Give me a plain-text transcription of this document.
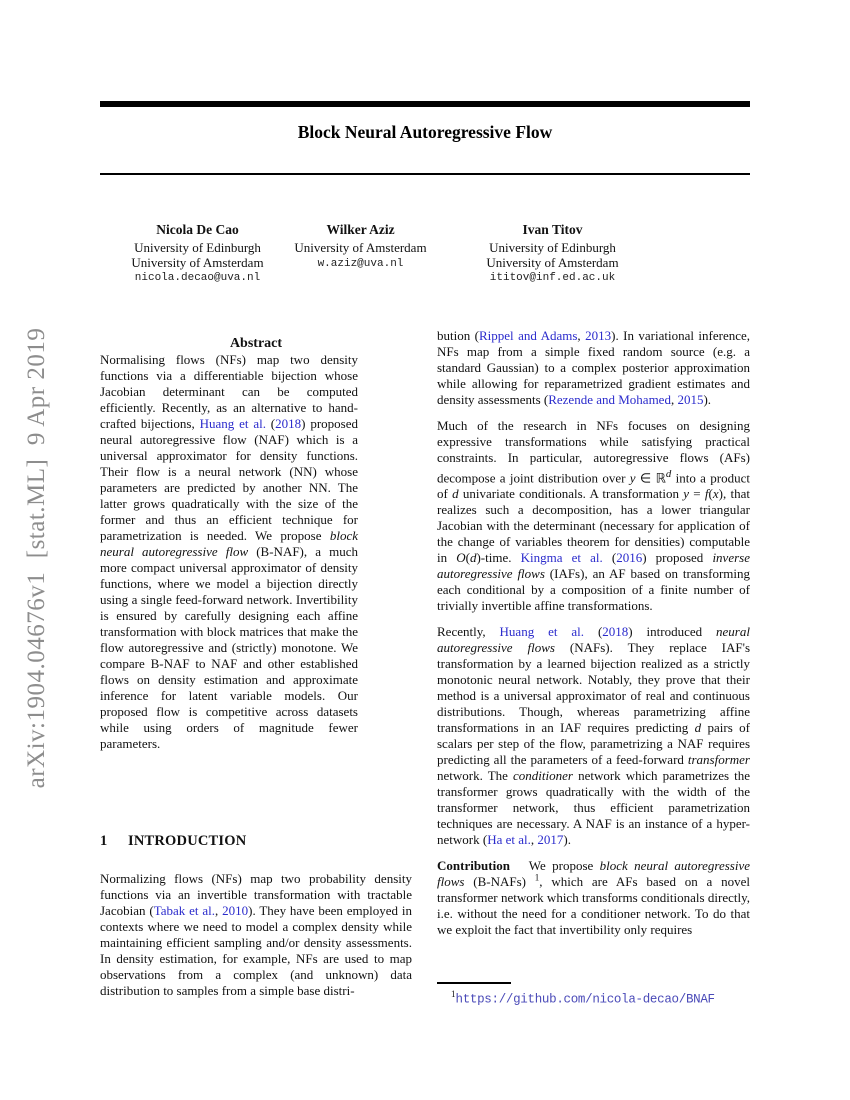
arXiv:1904.04676v1  [stat.ML]  9 Apr 2019
Block Neural Autoregressive Flow
Nicola De Cao
University of Edinburgh
University of Amsterdam
nicola.decao@uva.nl
Wilker Aziz
University of Amsterdam
w.aziz@uva.nl
Ivan Titov
University of Edinburgh
University of Amsterdam
ititov@inf.ed.ac.uk
Abstract

Normalising flows (NFs) map two density functions via a differentiable bijection whose Jacobian determinant can be computed efficiently. Recently, as an alternative to hand-crafted bijections, Huang et al. (2018) proposed neural autoregressive flow (NAF) which is a universal approximator for density functions. Their flow is a neural network (NN) whose parameters are predicted by another NN. The latter grows quadratically with the size of the former and thus an efficient technique for parametrization is needed. We propose block neural autoregressive flow (B-NAF), a much more compact universal approximator of density functions, where we model a bijection directly using a single feed-forward network. Invertibility is ensured by carefully designing each affine transformation with block matrices that make the flow autoregressive and (strictly) monotone. We compare B-NAF to NAF and other established flows on density estimation and approximate inference for latent variable models. Our proposed flow is competitive across datasets while using orders of magnitude fewer parameters.

1 INTRODUCTION

Normalizing flows (NFs) map two probability density functions via an invertible transformation with tractable Jacobian (Tabak et al., 2010). They have been employed in contexts where we need to model a complex density while maintaining efficient sampling and/or density assessments. In density estimation, for example, NFs are used to map observations from a complex (and unknown) data distribution to samples from a simple base distri-

bution (Rippel and Adams, 2013). In variational inference, NFs map from a simple fixed random source (e.g. a standard Gaussian) to a complex posterior approximation while allowing for reparametrized gradient estimates and density assessments (Rezende and Mohamed, 2015).

Much of the research in NFs focuses on designing expressive transformations while satisfying practical constraints. In particular, autoregressive flows (AFs) decompose a joint distribution over y ∈ ℝ$^d$ into a product of d univariate conditionals. A transformation y = f(x), that realizes such a decomposition, has a lower triangular Jacobian with the determinant (necessary for application of the change of variables theorem for densities) computable in O(d)-time. Kingma et al. (2016) proposed inverse autoregressive flows (IAFs), an AF based on transforming each conditional by a composition of a finite number of trivially invertible affine transformations.

Recently, Huang et al. (2018) introduced neural autoregressive flows (NAFs). They replace IAF's transformation by a learned bijection realized as a strictly monotonic neural network. Notably, they prove that their method is a universal approximator of real and continuous distributions. Though, whereas parametrizing affine transformations in an IAF requires predicting d pairs of scalars per step of the flow, parametrizing a NAF requires predicting all the parameters of a feed-forward transformer network. The conditioner network which parametrizes the transformer grows quadratically with the width of the transformer network, thus efficient parametrization techniques are necessary. A NAF is an instance of a hyper-network (Ha et al., 2017).

Contribution   We propose block neural autoregressive flows (B-NAFs) $^1$, which are AFs based on a novel transformer network which transforms conditionals directly, i.e. without the need for a conditioner network. To do that we exploit the fact that invertibility only requires

$^1$https://github.com/nicola-decao/BNAF
